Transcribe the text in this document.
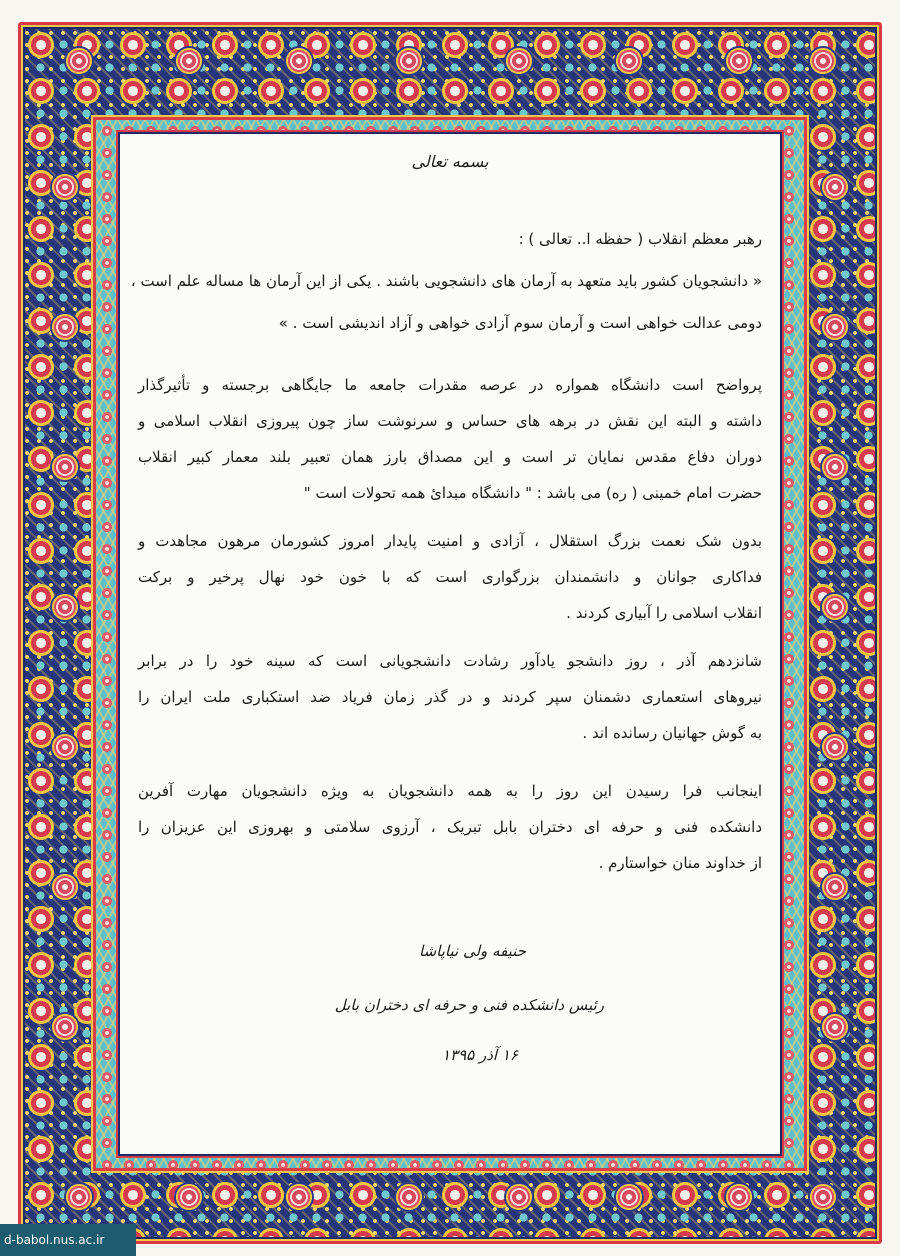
بسمه تعالی
رهبر معظم انقلاب ( حفظه ا.. تعالی ) :
« دانشجویان کشور باید متعهد به آرمان های دانشجویی باشند . یکی از این آرمان ها مساله علم است ،
دومی عدالت خواهی است و آرمان سوم آزادی خواهی و آزاد اندیشی است . »
پرواضح است دانشگاه همواره در عرصه مقدرات جامعه ما جایگاهی برجسته و تأثیرگذار
داشته و البته این نقش در برهه های حساس و سرنوشت ساز چون پیروزی انقلاب اسلامی و
دوران دفاع مقدس نمایان تر است و این مصداق بارز همان تعبیر بلند معمار کبیر انقلاب
حضرت امام خمینی ( ره) می باشد : " دانشگاه مبدائ همه تحولات است "
بدون شک نعمت بزرگ استقلال ، آزادی و امنیت پایدار امروز کشورمان مرهون مجاهدت و
فداکاری جوانان و دانشمندان بزرگواری است که با خون خود نهال پرخیر و برکت
انقلاب اسلامی را آبیاری کردند .
شانزدهم آذر ، روز دانشجو یادآور رشادت دانشجویانی است که سینه خود را در برابر
نیروهای استعماری دشمنان سپر کردند و در گذر زمان فریاد ضد استکباری ملت ایران را
به گوش جهانیان رسانده اند .
اینجانب فرا رسیدن این روز را به همه دانشجویان به ویژه دانشجویان مهارت آفرین
دانشکده فنی و حرفه ای دختران بابل تبریک ، آرزوی سلامتی و بهروزی این عزیزان را
از خداوند منان خواستارم .
حنیفه ولی نیاپاشا
رئیس دانشکده فنی و حرفه ای دختران بابل
۱۶ آذر ۱۳۹۵
d-babol.nus.ac.ir
